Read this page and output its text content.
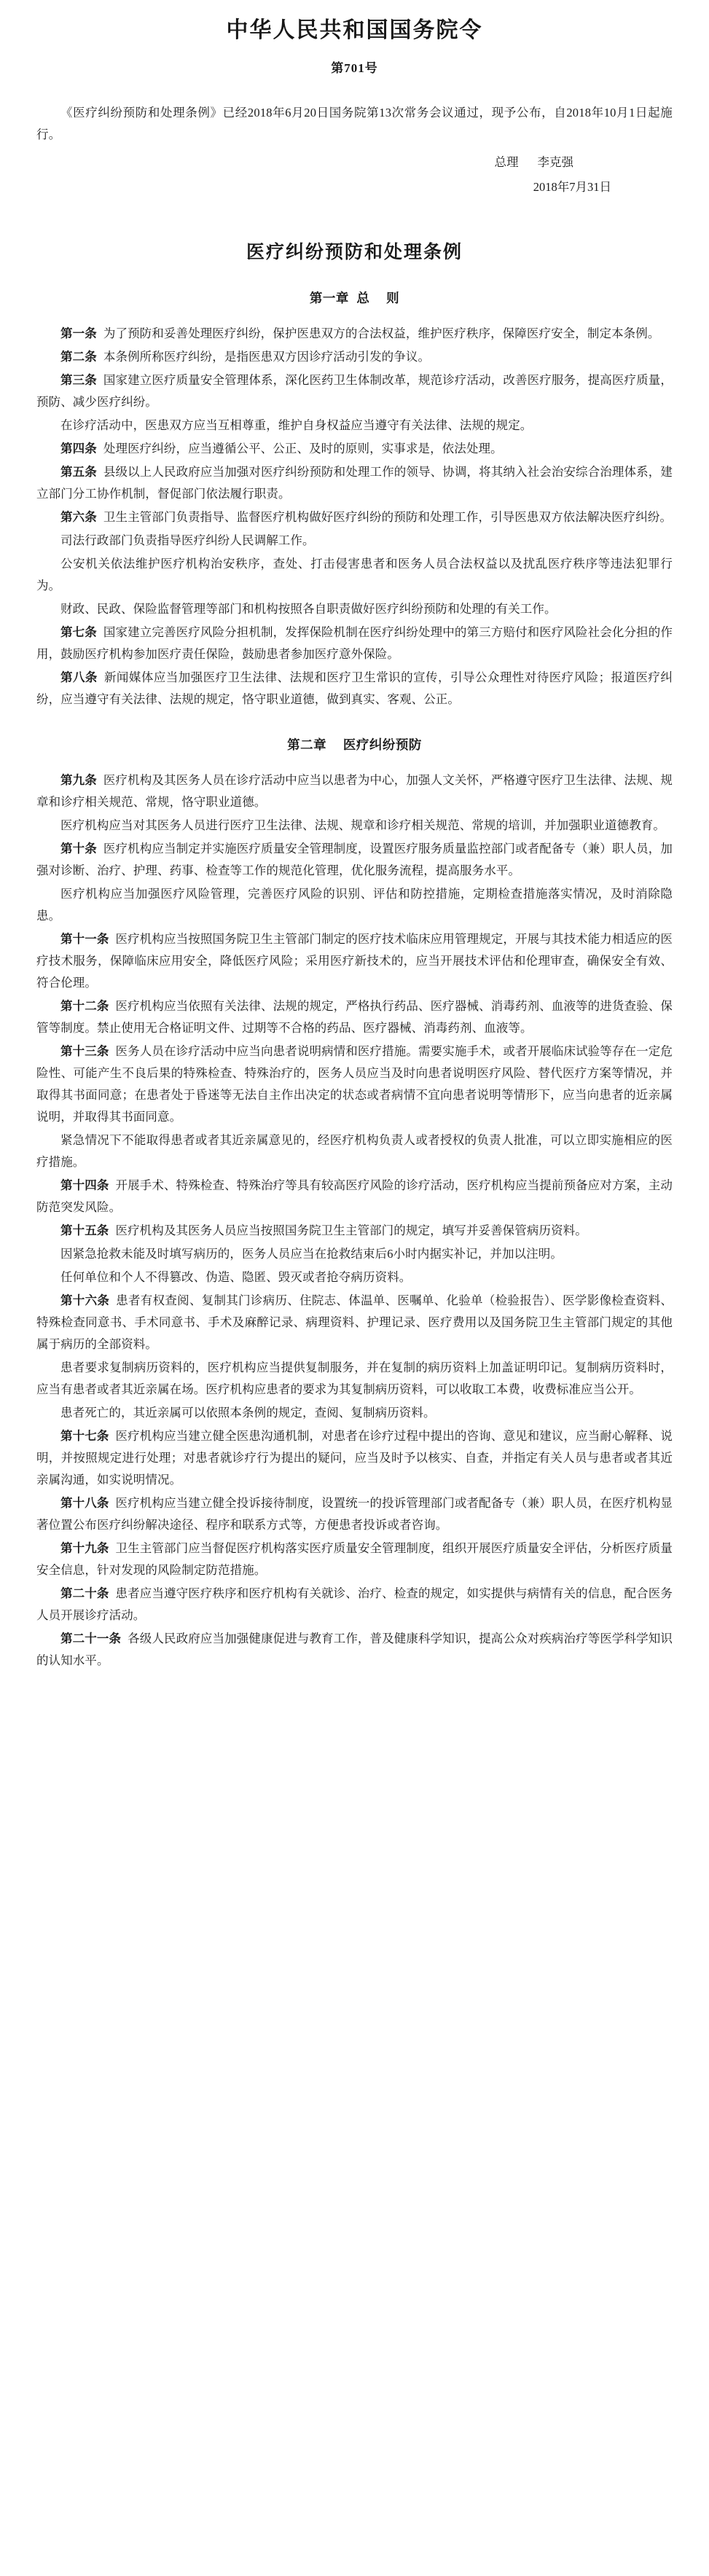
中华人民共和国国务院令
第701号

《医疗纠纷预防和处理条例》已经2018年6月20日国务院第13次常务会议通过，现予公布，自2018年10月1日起施行。

总理 李克强
2018年7月31日
医疗纠纷预防和处理条例
第一章 总 则

第一条 为了预防和妥善处理医疗纠纷，保护医患双方的合法权益，维护医疗秩序，保障医疗安全，制定本条例。

第二条 本条例所称医疗纠纷，是指医患双方因诊疗活动引发的争议。

第三条 国家建立医疗质量安全管理体系，深化医药卫生体制改革，规范诊疗活动，改善医疗服务，提高医疗质量，预防、减少医疗纠纷。

在诊疗活动中，医患双方应当互相尊重，维护自身权益应当遵守有关法律、法规的规定。

第四条 处理医疗纠纷，应当遵循公平、公正、及时的原则，实事求是，依法处理。

第五条 县级以上人民政府应当加强对医疗纠纷预防和处理工作的领导、协调，将其纳入社会治安综合治理体系，建立部门分工协作机制，督促部门依法履行职责。

第六条 卫生主管部门负责指导、监督医疗机构做好医疗纠纷的预防和处理工作，引导医患双方依法解决医疗纠纷。

司法行政部门负责指导医疗纠纷人民调解工作。

公安机关依法维护医疗机构治安秩序，查处、打击侵害患者和医务人员合法权益以及扰乱医疗秩序等违法犯罪行为。

财政、民政、保险监督管理等部门和机构按照各自职责做好医疗纠纷预防和处理的有关工作。

第七条 国家建立完善医疗风险分担机制，发挥保险机制在医疗纠纷处理中的第三方赔付和医疗风险社会化分担的作用，鼓励医疗机构参加医疗责任保险，鼓励患者参加医疗意外保险。

第八条 新闻媒体应当加强医疗卫生法律、法规和医疗卫生常识的宣传，引导公众理性对待医疗风险；报道医疗纠纷，应当遵守有关法律、法规的规定，恪守职业道德，做到真实、客观、公正。

第二章 医疗纠纷预防

第九条 医疗机构及其医务人员在诊疗活动中应当以患者为中心，加强人文关怀，严格遵守医疗卫生法律、法规、规章和诊疗相关规范、常规，恪守职业道德。

医疗机构应当对其医务人员进行医疗卫生法律、法规、规章和诊疗相关规范、常规的培训，并加强职业道德教育。

第十条 医疗机构应当制定并实施医疗质量安全管理制度，设置医疗服务质量监控部门或者配备专（兼）职人员，加强对诊断、治疗、护理、药事、检查等工作的规范化管理，优化服务流程，提高服务水平。

医疗机构应当加强医疗风险管理，完善医疗风险的识别、评估和防控措施，定期检查措施落实情况，及时消除隐患。

第十一条 医疗机构应当按照国务院卫生主管部门制定的医疗技术临床应用管理规定，开展与其技术能力相适应的医疗技术服务，保障临床应用安全，降低医疗风险；采用医疗新技术的，应当开展技术评估和伦理审查，确保安全有效、符合伦理。

第十二条 医疗机构应当依照有关法律、法规的规定，严格执行药品、医疗器械、消毒药剂、血液等的进货查验、保管等制度。禁止使用无合格证明文件、过期等不合格的药品、医疗器械、消毒药剂、血液等。

第十三条 医务人员在诊疗活动中应当向患者说明病情和医疗措施。需要实施手术，或者开展临床试验等存在一定危险性、可能产生不良后果的特殊检查、特殊治疗的，医务人员应当及时向患者说明医疗风险、替代医疗方案等情况，并取得其书面同意；在患者处于昏迷等无法自主作出决定的状态或者病情不宜向患者说明等情形下，应当向患者的近亲属说明，并取得其书面同意。

紧急情况下不能取得患者或者其近亲属意见的，经医疗机构负责人或者授权的负责人批准，可以立即实施相应的医疗措施。

第十四条 开展手术、特殊检查、特殊治疗等具有较高医疗风险的诊疗活动，医疗机构应当提前预备应对方案，主动防范突发风险。

第十五条 医疗机构及其医务人员应当按照国务院卫生主管部门的规定，填写并妥善保管病历资料。

因紧急抢救未能及时填写病历的，医务人员应当在抢救结束后6小时内据实补记，并加以注明。

任何单位和个人不得篡改、伪造、隐匿、毁灭或者抢夺病历资料。

第十六条 患者有权查阅、复制其门诊病历、住院志、体温单、医嘱单、化验单（检验报告）、医学影像检查资料、特殊检查同意书、手术同意书、手术及麻醉记录、病理资料、护理记录、医疗费用以及国务院卫生主管部门规定的其他属于病历的全部资料。

患者要求复制病历资料的，医疗机构应当提供复制服务，并在复制的病历资料上加盖证明印记。复制病历资料时，应当有患者或者其近亲属在场。医疗机构应患者的要求为其复制病历资料，可以收取工本费，收费标准应当公开。

患者死亡的，其近亲属可以依照本条例的规定，查阅、复制病历资料。

第十七条 医疗机构应当建立健全医患沟通机制，对患者在诊疗过程中提出的咨询、意见和建议，应当耐心解释、说明，并按照规定进行处理；对患者就诊疗行为提出的疑问，应当及时予以核实、自查，并指定有关人员与患者或者其近亲属沟通，如实说明情况。

第十八条 医疗机构应当建立健全投诉接待制度，设置统一的投诉管理部门或者配备专（兼）职人员，在医疗机构显著位置公布医疗纠纷解决途径、程序和联系方式等，方便患者投诉或者咨询。

第十九条 卫生主管部门应当督促医疗机构落实医疗质量安全管理制度，组织开展医疗质量安全评估，分析医疗质量安全信息，针对发现的风险制定防范措施。

第二十条 患者应当遵守医疗秩序和医疗机构有关就诊、治疗、检查的规定，如实提供与病情有关的信息，配合医务人员开展诊疗活动。

第二十一条 各级人民政府应当加强健康促进与教育工作，普及健康科学知识，提高公众对疾病治疗等医学科学知识的认知水平。
